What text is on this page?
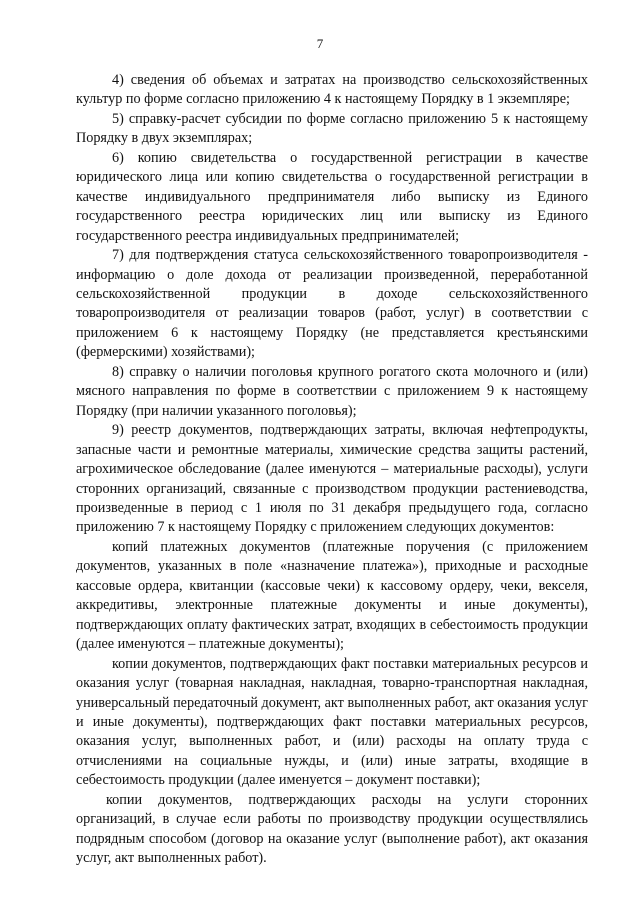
7

4) сведения об объемах и затратах на производство сельскохозяйственных культур по форме согласно приложению 4 к настоящему Порядку в 1 экземпляре;

5) справку-расчет субсидии по форме согласно приложению 5 к настоящему Порядку в двух экземплярах;

6) копию свидетельства о государственной регистрации в качестве юридического лица или копию свидетельства о государственной регистрации в качестве индивидуального предпринимателя либо выписку из Единого государственного реестра юридических лиц или выписку из Единого государственного реестра индивидуальных предпринимателей;

7) для подтверждения статуса сельскохозяйственного товаропроизводителя - информацию о доле дохода от реализации произведенной, переработанной сельскохозяйственной продукции в доходе сельскохозяйственного товаропроизводителя от реализации товаров (работ, услуг) в соответствии с приложением 6 к настоящему Порядку (не представляется крестьянскими (фермерскими) хозяйствами);

8) справку о наличии поголовья крупного рогатого скота молочного и (или) мясного направления по форме в соответствии с приложением 9 к настоящему Порядку (при наличии указанного поголовья);

9) реестр документов, подтверждающих затраты, включая нефтепродукты, запасные части и ремонтные материалы, химические средства защиты растений, агрохимическое обследование (далее именуются – материальные расходы), услуги сторонних организаций, связанные с производством продукции растениеводства, произведенные в период с 1 июля по 31 декабря предыдущего года, согласно приложению 7 к настоящему Порядку с приложением следующих документов:

копий платежных документов (платежные поручения (с приложением документов, указанных в поле «назначение платежа»), приходные и расходные кассовые ордера, квитанции (кассовые чеки) к кассовому ордеру, чеки, векселя, аккредитивы, электронные платежные документы и иные документы), подтверждающих оплату фактических затрат, входящих в себестоимость продукции (далее именуются – платежные документы);

копии документов, подтверждающих факт поставки материальных ресурсов и оказания услуг (товарная накладная, накладная, товарно-транспортная накладная, универсальный передаточный документ, акт выполненных работ, акт оказания услуг и иные документы), подтверждающих факт поставки материальных ресурсов, оказания услуг, выполненных работ, и (или) расходы на оплату труда с отчислениями на социальные нужды, и (или) иные затраты, входящие в себестоимость продукции (далее именуется – документ поставки);

копии документов, подтверждающих расходы на услуги сторонних организаций, в случае если работы по производству продукции осуществлялись подрядным способом (договор на оказание услуг (выполнение работ), акт оказания услуг, акт выполненных работ).
